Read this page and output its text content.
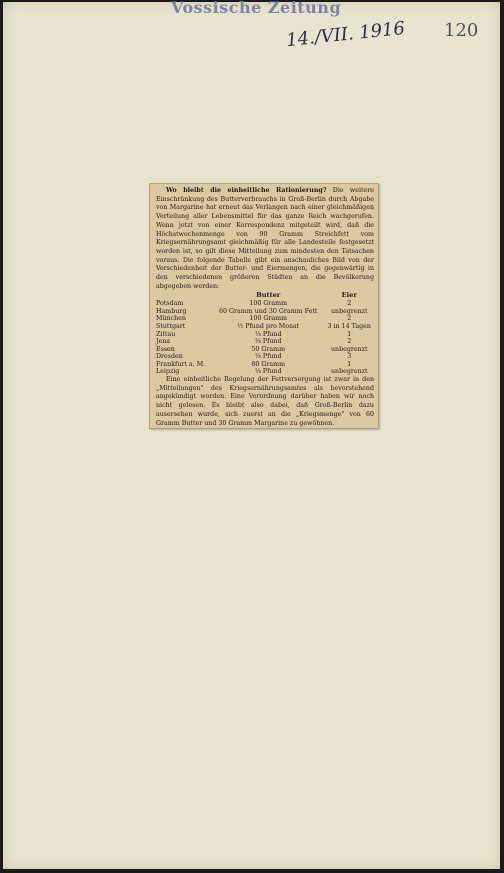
Vossische Zeitung
14./VII. 1916 120

Wo bleibt die einheitliche Rationierung? Die weitere Einschränkung des Butterverbrauchs in Groß-Berlin durch Abgabe von Margarine hat erneut das Verlangen nach einer gleichmäßigen Verteilung aller Lebensmittel für das ganze Reich wachgerufen. Wenn jetzt von einer Korrespondenz mitgeteilt wird, daß die Höchstwochenmenge von 90 Gramm Streichfett vom Kriegsernährungsamt gleichmäßig für alle Landesteile festgesetzt worden ist, so gilt diese Mitteilung zum mindesten den Tatsachen voraus. Die folgende Tabelle gibt ein anschauliches Bild von der Verschiedenheit der Butter- und Eiermengen, die gegenwärtig in den verschiedenen größeren Städten an die Bevölkerung abgegeben werden:

	Butter	Eier
Potsdam	100 Gramm	2
Hamburg	60 Gramm und 30 Gramm Fett	unbegrenzt
München	100 Gramm	2
Stuttgart	½ Pfund pro Monat	3 in 14 Tagen
Zittau	⅛ Pfund	1
Jena	⅛ Pfund	2
Essen	50 Gramm	unbegrenzt
Dresden	⅛ Pfund	3
Frankfurt a. M.	80 Gramm	1
Leipzig	⅛ Pfund	unbegrenzt

Eine einheitliche Regelung der Fettversorgung ist zwar in den „Mitteilungen" des Kriegsernährungsamtes als bevorstehend angekündigt worden. Eine Verordnung darüber haben wir noch nicht gelesen. Es bleibt also dabei, daß Groß-Berlin dazu ausersehen wurde, sich zuerst an die „Kriegsmenge" von 60 Gramm Butter und 30 Gramm Margarine zu gewöhnen.
